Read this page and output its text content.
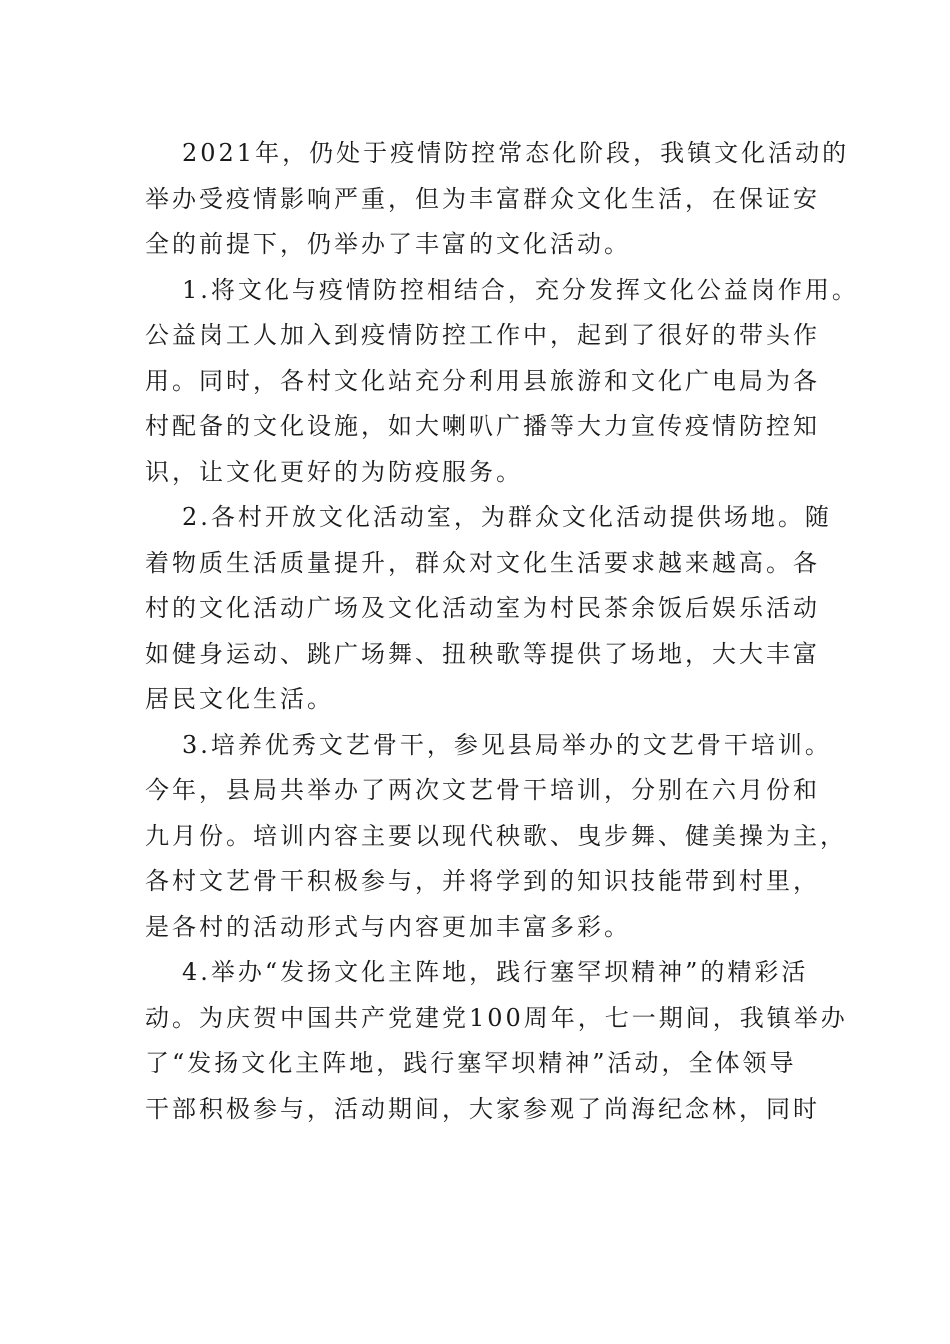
2021年，仍处于疫情防控常态化阶段，我镇文化活动的
举办受疫情影响严重，但为丰富群众文化生活，在保证安
全的前提下，仍举办了丰富的文化活动。
1.将文化与疫情防控相结合，充分发挥文化公益岗作用。
公益岗工人加入到疫情防控工作中，起到了很好的带头作
用。同时，各村文化站充分利用县旅游和文化广电局为各
村配备的文化设施，如大喇叭广播等大力宣传疫情防控知
识，让文化更好的为防疫服务。
2.各村开放文化活动室，为群众文化活动提供场地。随
着物质生活质量提升，群众对文化生活要求越来越高。各
村的文化活动广场及文化活动室为村民茶余饭后娱乐活动
如健身运动、跳广场舞、扭秧歌等提供了场地，大大丰富
居民文化生活。
3.培养优秀文艺骨干，参见县局举办的文艺骨干培训。
今年，县局共举办了两次文艺骨干培训，分别在六月份和
九月份。培训内容主要以现代秧歌、曳步舞、健美操为主，
各村文艺骨干积极参与，并将学到的知识技能带到村里，
是各村的活动形式与内容更加丰富多彩。
4.举办“发扬文化主阵地，践行塞罕坝精神”的精彩活
动。为庆贺中国共产党建党100周年，七一期间，我镇举办
了“发扬文化主阵地，践行塞罕坝精神”活动，全体领导
干部积极参与，活动期间，大家参观了尚海纪念林，同时
